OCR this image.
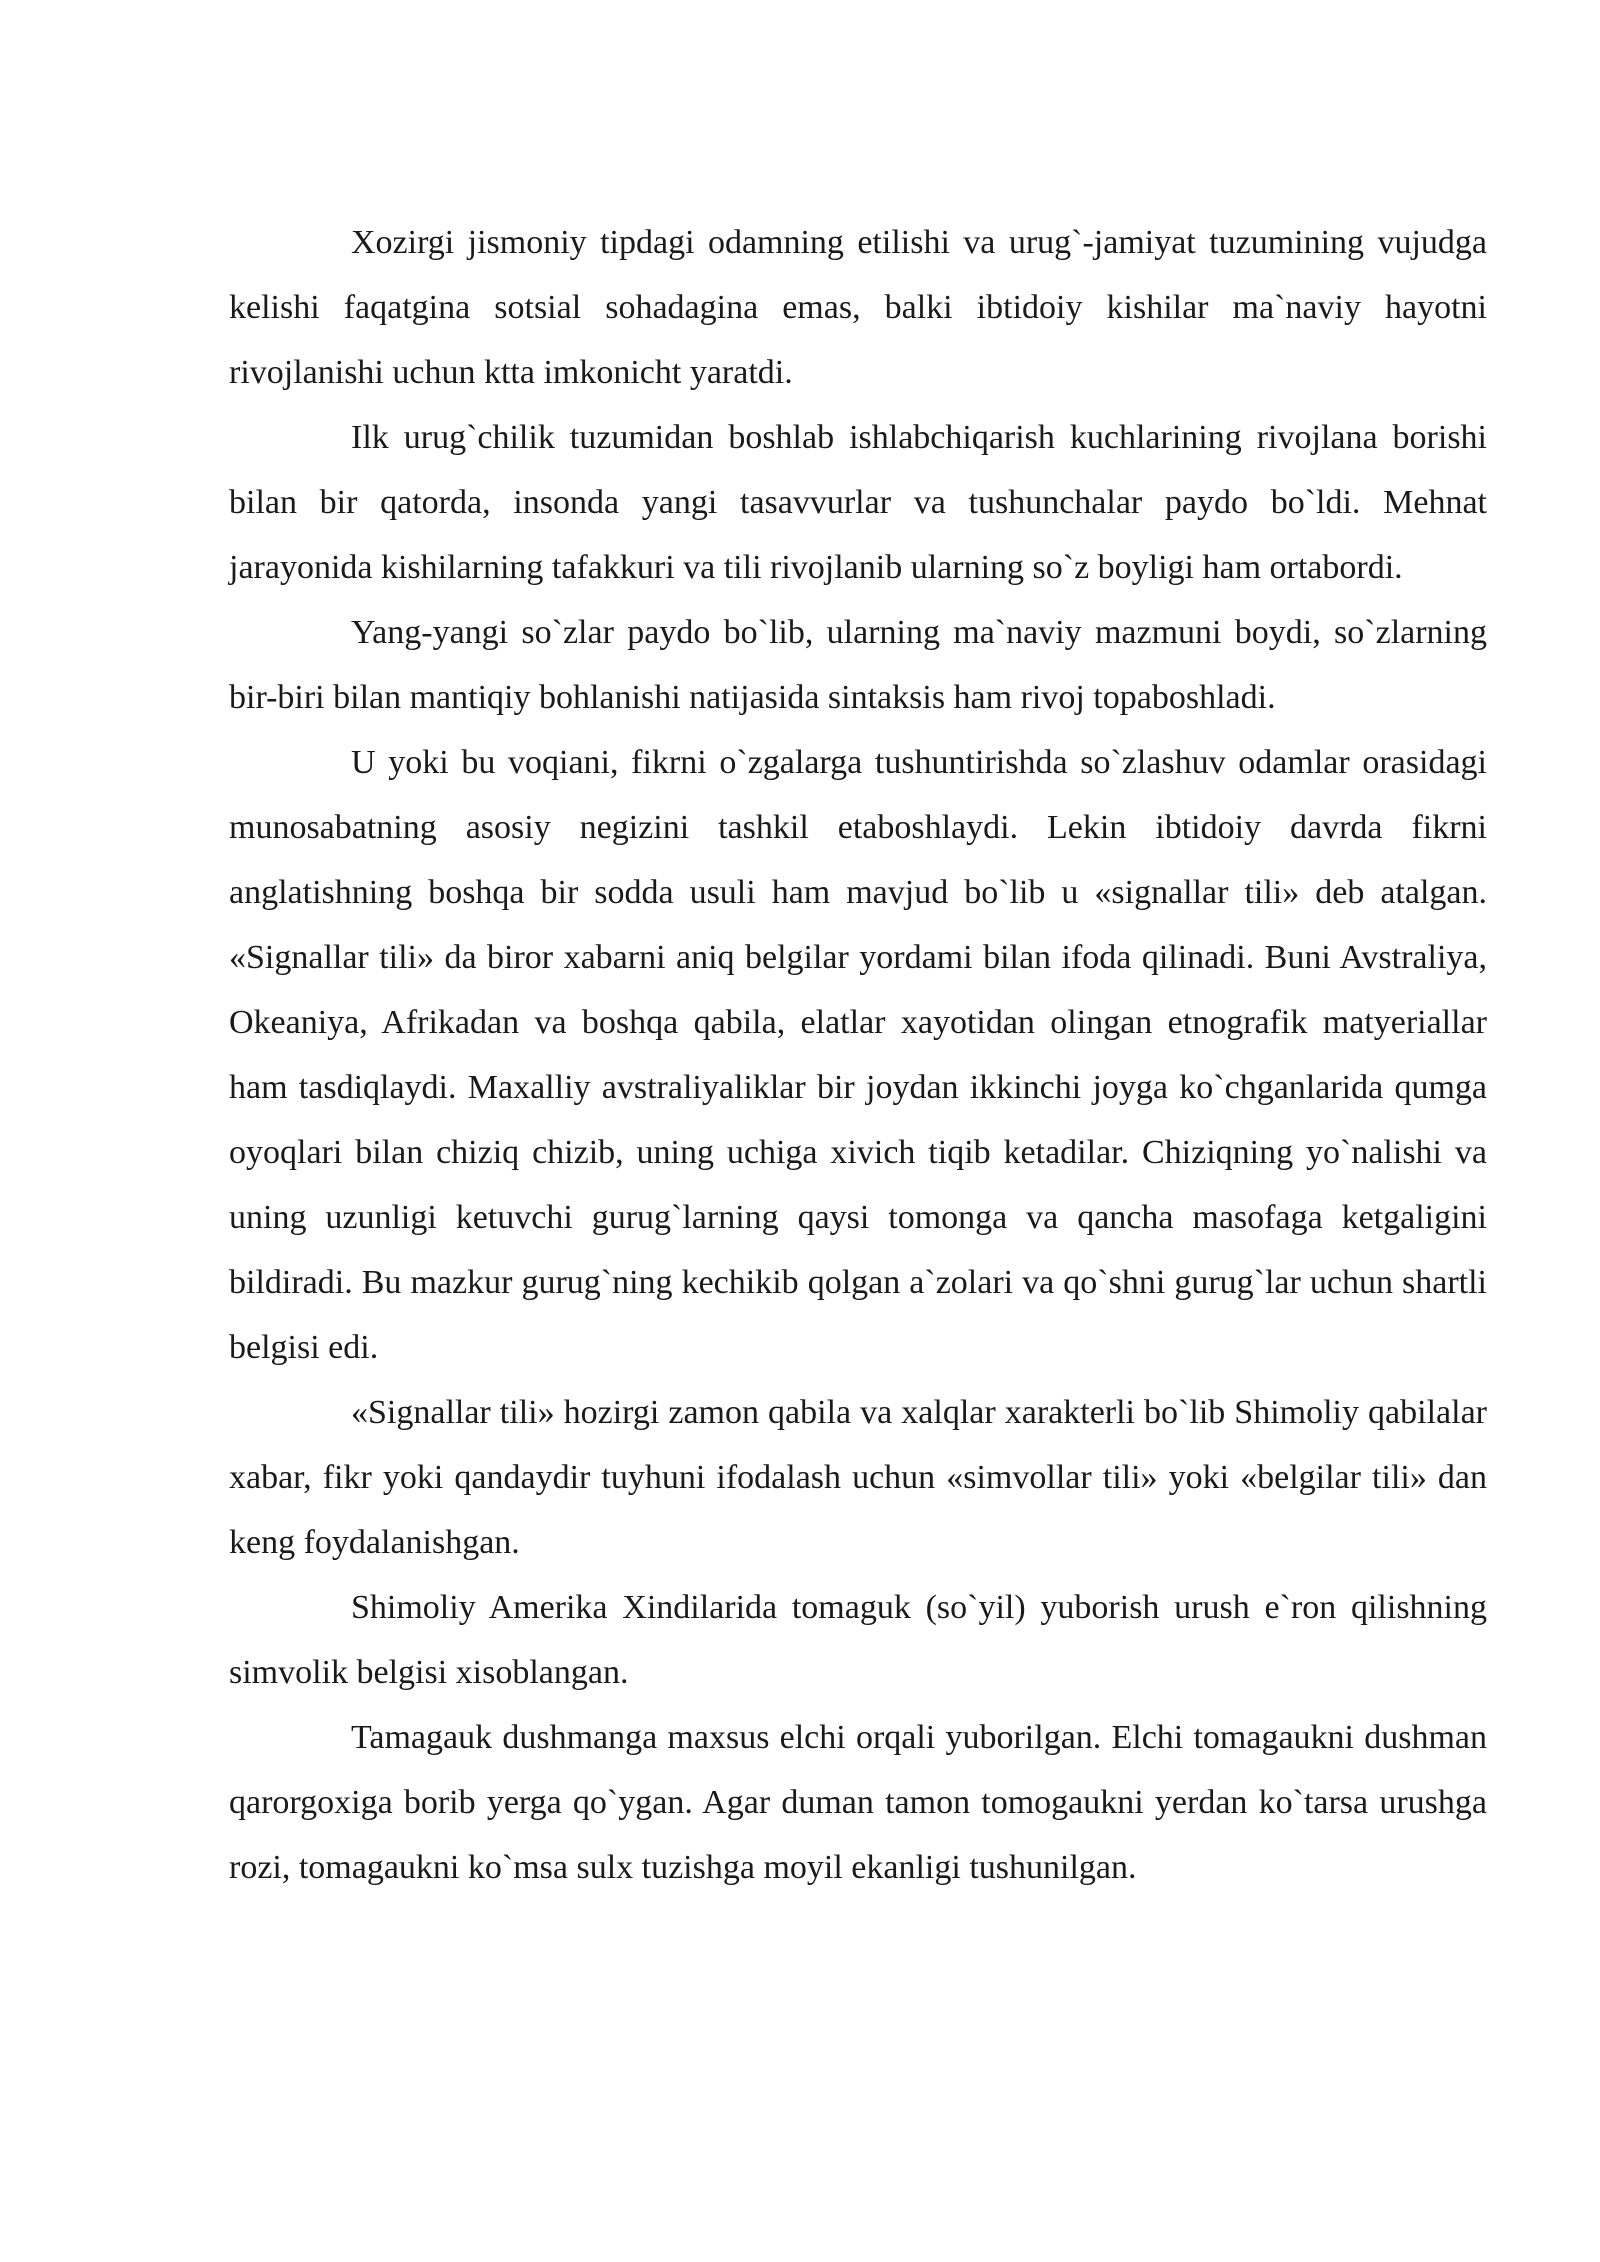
Xozirgi jismoniy tipdagi odamning etilishi va urug`-jamiyat tuzumining vujudga kelishi faqatgina sotsial sohadagina emas, balki ibtidoiy kishilar ma`naviy hayotni rivojlanishi uchun ktta imkonicht yaratdi.

Ilk urug`chilik tuzumidan boshlab ishlabchiqarish kuchlarining rivojlana borishi bilan bir qatorda, insonda yangi tasavvurlar va tushunchalar paydo bo`ldi. Mehnat jarayonida kishilarning tafakkuri va tili rivojlanib ularning so`z boyligi ham ortabordi.

Yang-yangi so`zlar paydo bo`lib, ularning ma`naviy mazmuni boydi, so`zlarning bir-biri bilan mantiqiy bohlanishi natijasida sintaksis ham rivoj topaboshladi.

U yoki bu voqiani, fikrni o`zgalarga tushuntirishda so`zlashuv odamlar orasidagi munosabatning asosiy negizini tashkil etaboshlaydi. Lekin ibtidoiy davrda fikrni anglatishning boshqa bir sodda usuli ham mavjud bo`lib u «signallar tili» deb atalgan. «Signallar tili» da biror xabarni aniq belgilar yordami bilan ifoda qilinadi. Buni Avstraliya, Okeaniya, Afrikadan va boshqa qabila, elatlar xayotidan olingan etnografik matyeriallar ham tasdiqlaydi. Maxalliy avstraliyaliklar bir joydan ikkinchi joyga ko`chganlarida qumga oyoqlari bilan chiziq chizib, uning uchiga xivich tiqib ketadilar. Chiziqning yo`nalishi va uning uzunligi ketuvchi gurug`larning qaysi tomonga va qancha masofaga ketgaligini bildiradi. Bu mazkur gurug`ning kechikib qolgan a`zolari va qo`shni gurug`lar uchun shartli belgisi edi.

«Signallar tili» hozirgi zamon qabila va xalqlar xarakterli bo`lib Shimoliy qabilalar xabar, fikr yoki qandaydir tuyhuni ifodalash uchun «simvollar tili» yoki «belgilar tili» dan keng foydalanishgan.

Shimoliy Amerika Xindilarida tomaguk (so`yil) yuborish urush e`ron qilishning simvolik belgisi xisoblangan.

Tamagauk dushmanga maxsus elchi orqali yuborilgan. Elchi tomagaukni dushman qarorgoxiga borib yerga qo`ygan. Agar duman tamon tomogaukni yerdan ko`tarsa urushga rozi, tomagaukni ko`msa sulx tuzishga moyil ekanligi tushunilgan.
